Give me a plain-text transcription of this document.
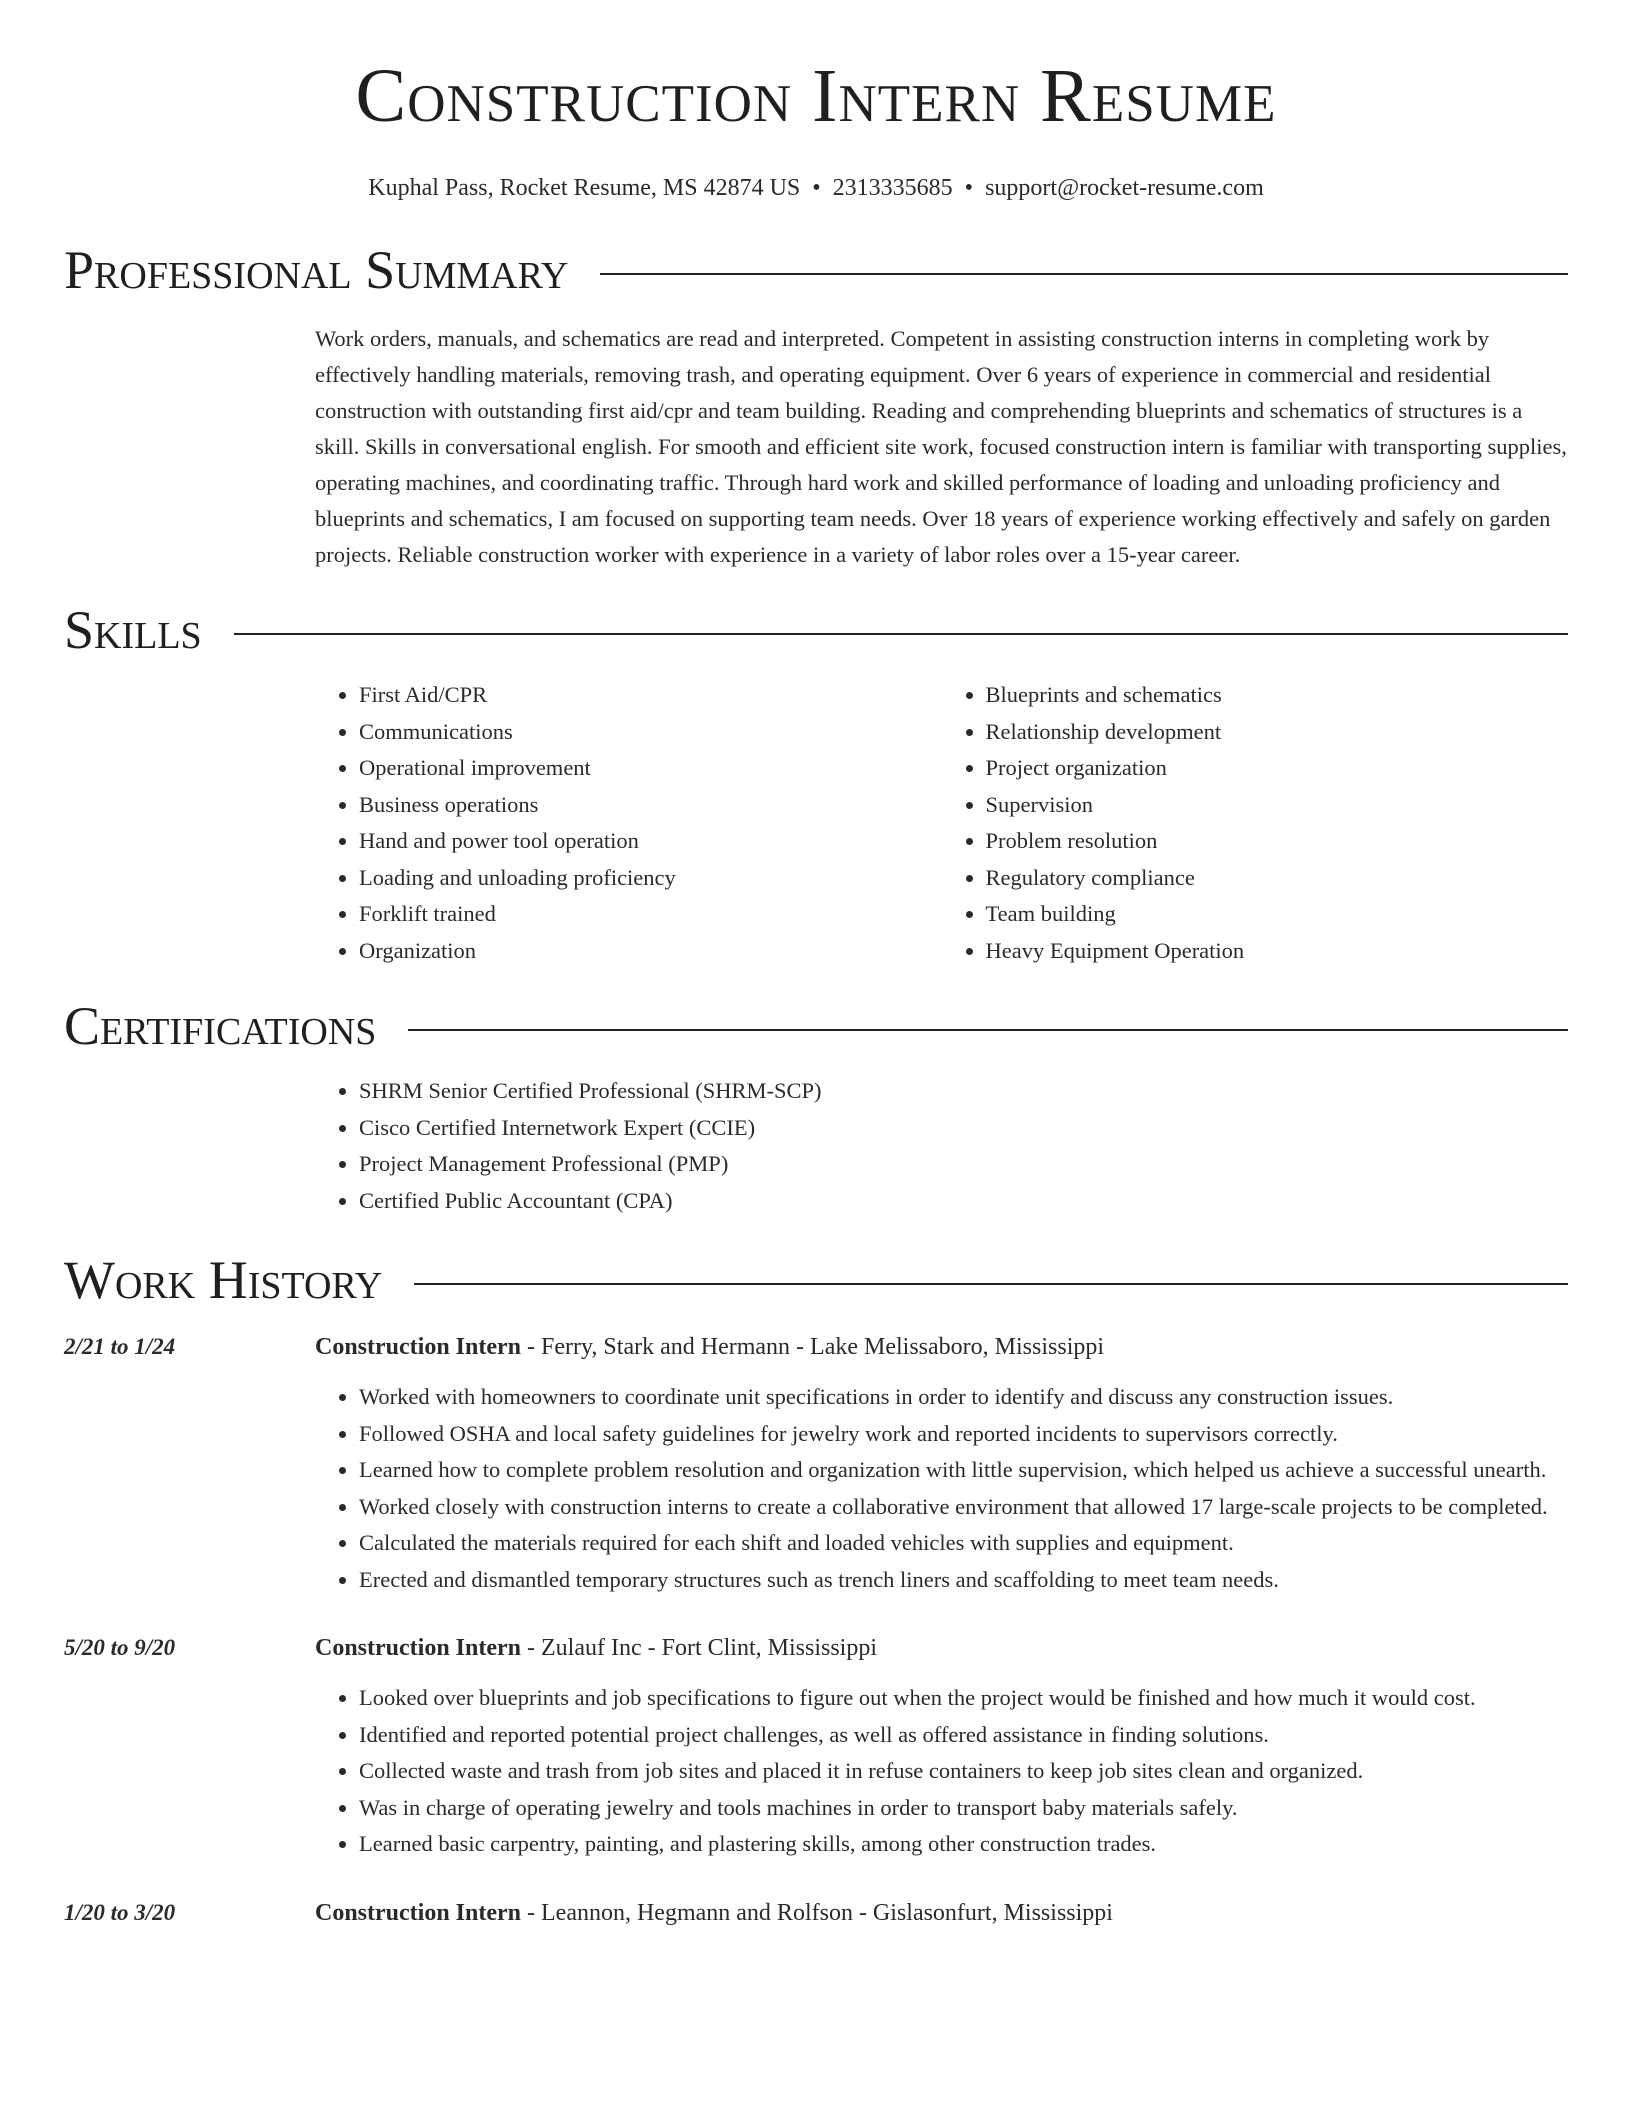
Construction Intern Resume
Kuphal Pass, Rocket Resume, MS 42874 US • 2313335685 • support@rocket-resume.com
Professional Summary
Work orders, manuals, and schematics are read and interpreted. Competent in assisting construction interns in completing work by effectively handling materials, removing trash, and operating equipment. Over 6 years of experience in commercial and residential construction with outstanding first aid/cpr and team building. Reading and comprehending blueprints and schematics of structures is a skill. Skills in conversational english. For smooth and efficient site work, focused construction intern is familiar with transporting supplies, operating machines, and coordinating traffic. Through hard work and skilled performance of loading and unloading proficiency and blueprints and schematics, I am focused on supporting team needs. Over 18 years of experience working effectively and safely on garden projects. Reliable construction worker with experience in a variety of labor roles over a 15-year career.
Skills
• First Aid/CPR
• Communications
• Operational improvement
• Business operations
• Hand and power tool operation
• Loading and unloading proficiency
• Forklift trained
• Organization
• Blueprints and schematics
• Relationship development
• Project organization
• Supervision
• Problem resolution
• Regulatory compliance
• Team building
• Heavy Equipment Operation
Certifications
• SHRM Senior Certified Professional (SHRM-SCP)
• Cisco Certified Internetwork Expert (CCIE)
• Project Management Professional (PMP)
• Certified Public Accountant (CPA)
Work History
2/21 to 1/24	Construction Intern - Ferry, Stark and Hermann - Lake Melissaboro, Mississippi
• Worked with homeowners to coordinate unit specifications in order to identify and discuss any construction issues.
• Followed OSHA and local safety guidelines for jewelry work and reported incidents to supervisors correctly.
• Learned how to complete problem resolution and organization with little supervision, which helped us achieve a successful unearth.
• Worked closely with construction interns to create a collaborative environment that allowed 17 large-scale projects to be completed.
• Calculated the materials required for each shift and loaded vehicles with supplies and equipment.
• Erected and dismantled temporary structures such as trench liners and scaffolding to meet team needs.
5/20 to 9/20	Construction Intern - Zulauf Inc - Fort Clint, Mississippi
• Looked over blueprints and job specifications to figure out when the project would be finished and how much it would cost.
• Identified and reported potential project challenges, as well as offered assistance in finding solutions.
• Collected waste and trash from job sites and placed it in refuse containers to keep job sites clean and organized.
• Was in charge of operating jewelry and tools machines in order to transport baby materials safely.
• Learned basic carpentry, painting, and plastering skills, among other construction trades.
1/20 to 3/20	Construction Intern - Leannon, Hegmann and Rolfson - Gislasonfurt, Mississippi
